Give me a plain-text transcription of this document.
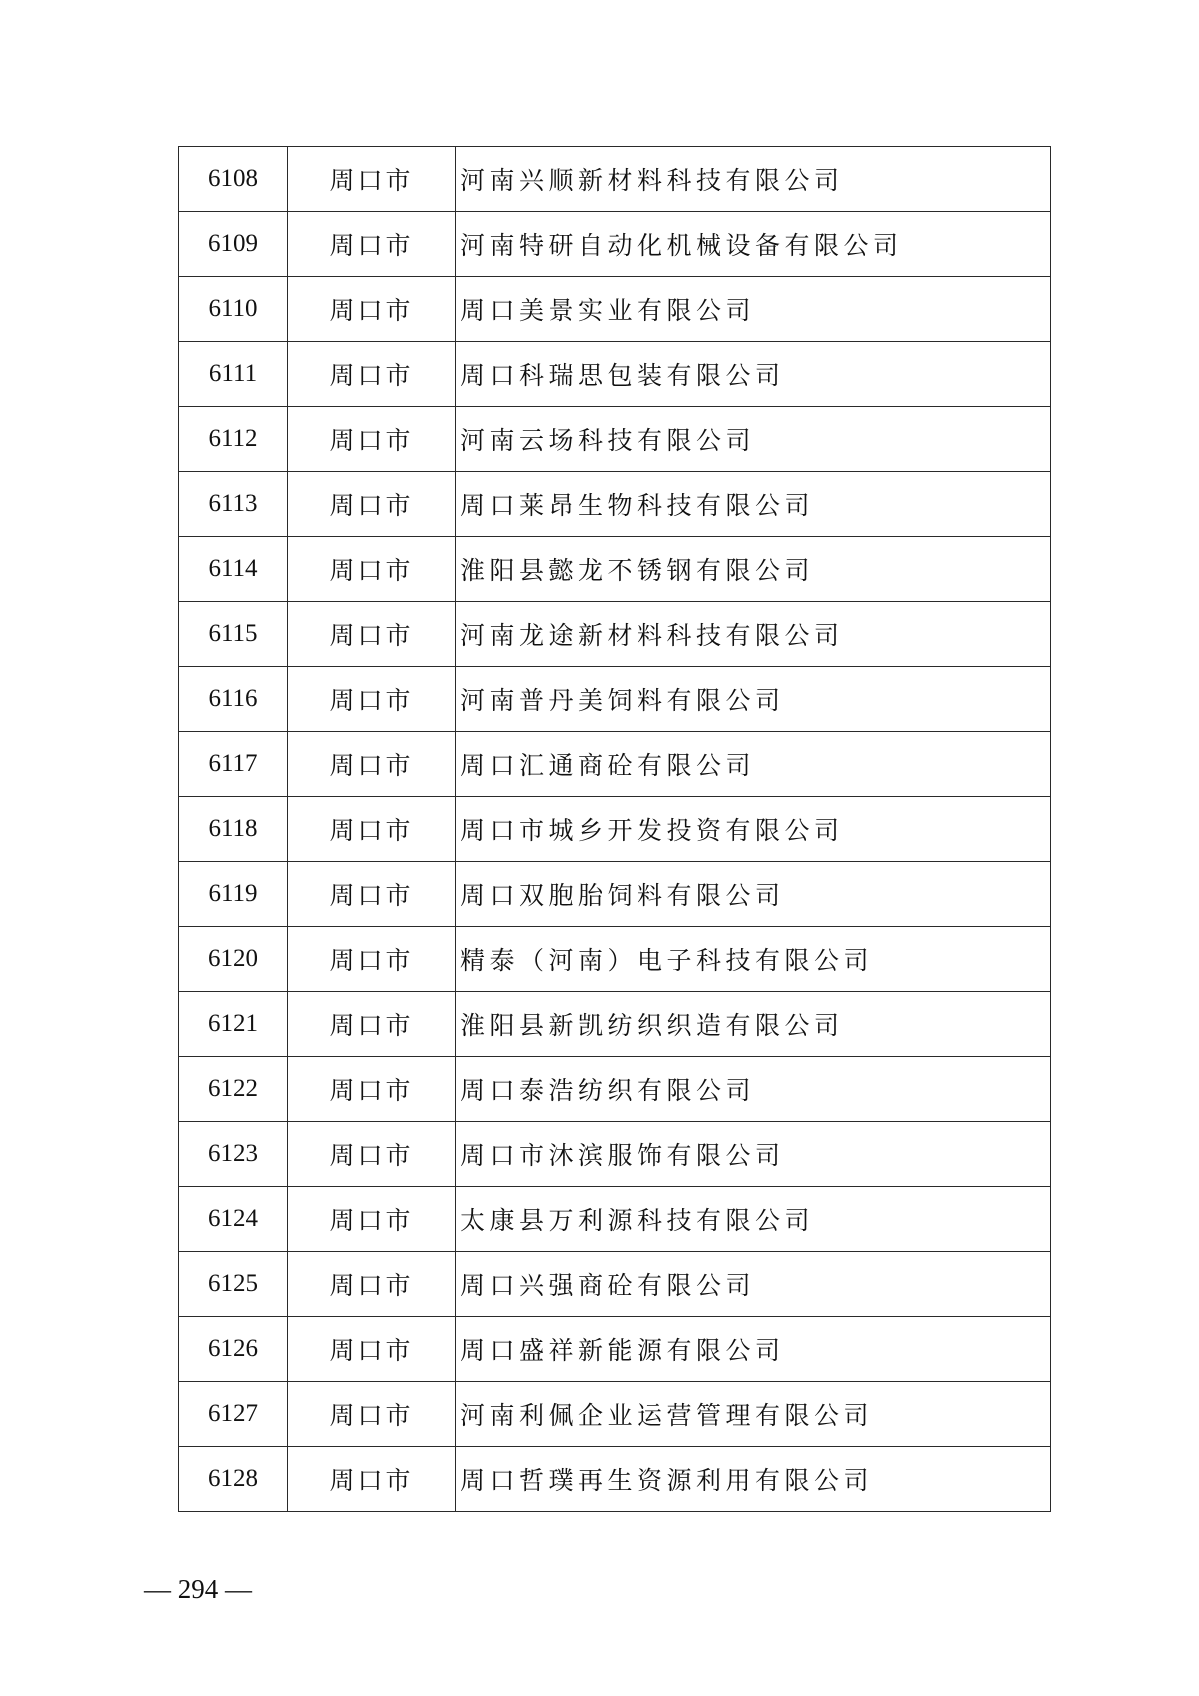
6108	周口市	河南兴顺新材料科技有限公司
6109	周口市	河南特研自动化机械设备有限公司
6110	周口市	周口美景实业有限公司
6111	周口市	周口科瑞思包装有限公司
6112	周口市	河南云场科技有限公司
6113	周口市	周口莱昂生物科技有限公司
6114	周口市	淮阳县懿龙不锈钢有限公司
6115	周口市	河南龙途新材料科技有限公司
6116	周口市	河南普丹美饲料有限公司
6117	周口市	周口汇通商砼有限公司
6118	周口市	周口市城乡开发投资有限公司
6119	周口市	周口双胞胎饲料有限公司
6120	周口市	精泰（河南）电子科技有限公司
6121	周口市	淮阳县新凯纺织织造有限公司
6122	周口市	周口泰浩纺织有限公司
6123	周口市	周口市沐滨服饰有限公司
6124	周口市	太康县万利源科技有限公司
6125	周口市	周口兴强商砼有限公司
6126	周口市	周口盛祥新能源有限公司
6127	周口市	河南利佩企业运营管理有限公司
6128	周口市	周口哲璞再生资源利用有限公司
— 294 —
